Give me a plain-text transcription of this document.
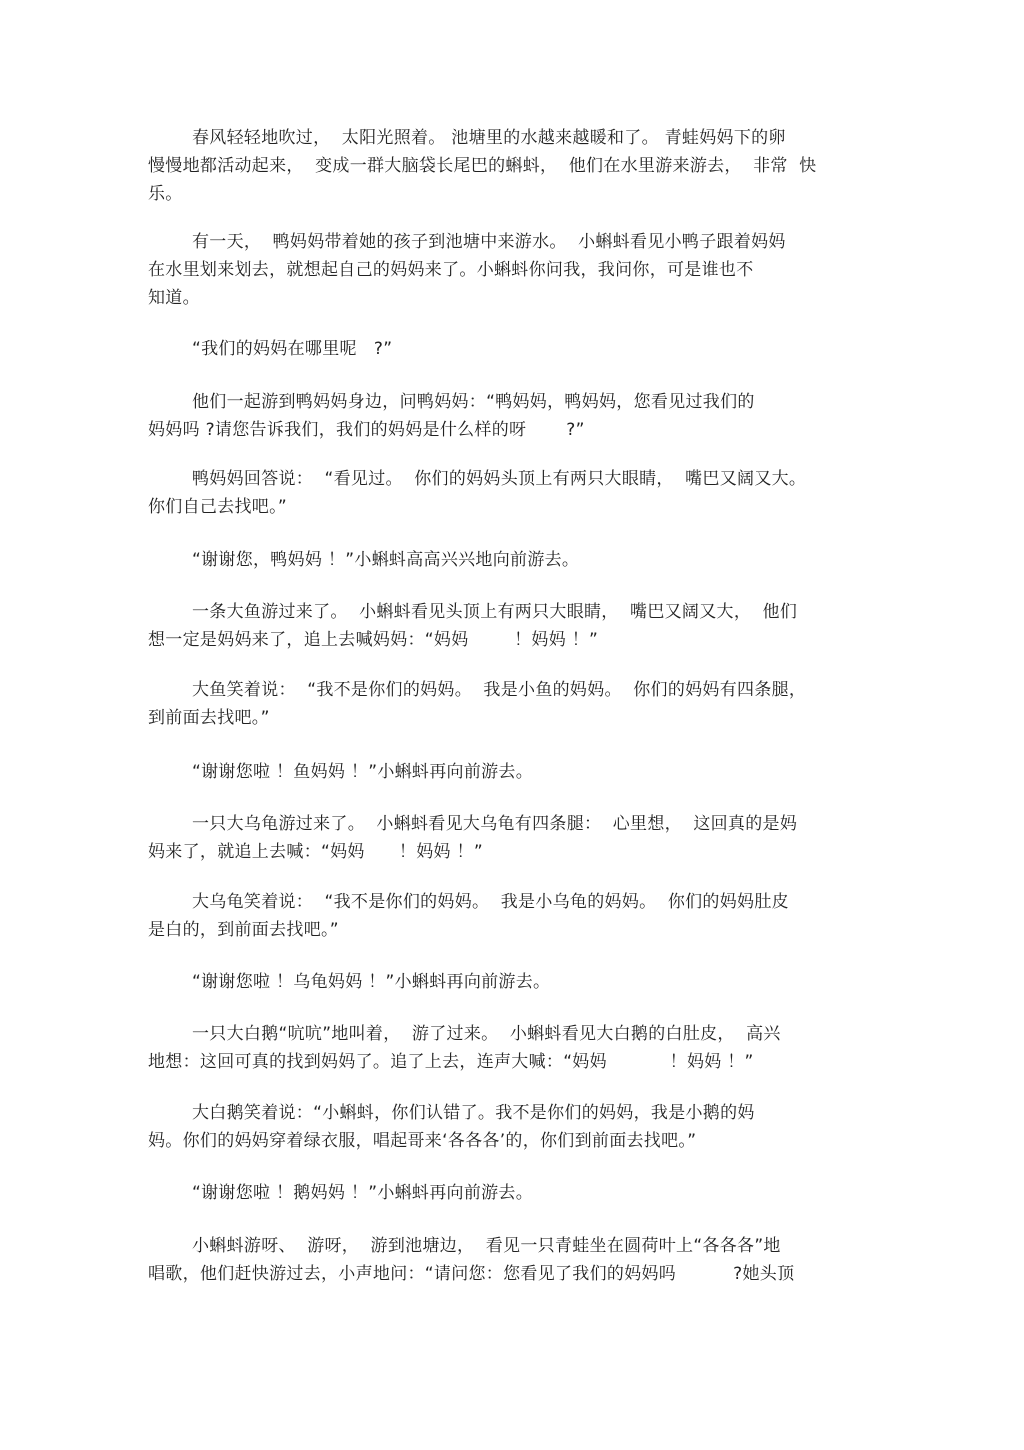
春风轻轻地吹过，  太阳光照着。 池塘里的水越来越暖和了。 青蛙妈妈下的卵
慢慢地都活动起来，  变成一群大脑袋长尾巴的蝌蚪，  他们在水里游来游去，  非常  快
乐。
有一天，  鸭妈妈带着她的孩子到池塘中来游水。  小蝌蚪看见小鸭子跟着妈妈
在水里划来划去，就想起自己的妈妈来了。小蝌蚪你问我，我问你，可是谁也不
知道。
“我们的妈妈在哪里呢   ?”
他们一起游到鸭妈妈身边，问鸭妈妈：“鸭妈妈，鸭妈妈，您看见过我们的
妈妈吗 ?请您告诉我们，我们的妈妈是什么样的呀       ?”
鸭妈妈回答说：  “看见过。  你们的妈妈头顶上有两只大眼睛，  嘴巴又阔又大。
你们自己去找吧。”
“谢谢您，鸭妈妈 ！”小蝌蚪高高兴兴地向前游去。
一条大鱼游过来了。  小蝌蚪看见头顶上有两只大眼睛，  嘴巴又阔又大，  他们
想一定是妈妈来了，追上去喊妈妈：“妈妈        ！妈妈 ！”
大鱼笑着说：  “我不是你们的妈妈。  我是小鱼的妈妈。  你们的妈妈有四条腿，
到前面去找吧。”
“谢谢您啦 ！鱼妈妈 ！”小蝌蚪再向前游去。
一只大乌龟游过来了。  小蝌蚪看见大乌龟有四条腿：  心里想，  这回真的是妈
妈来了，就追上去喊：“妈妈      ！妈妈 ！”
大乌龟笑着说：  “我不是你们的妈妈。  我是小乌龟的妈妈。  你们的妈妈肚皮
是白的，到前面去找吧。”
“谢谢您啦 ！乌龟妈妈 ！”小蝌蚪再向前游去。
一只大白鹅“吭吭”地叫着，  游了过来。  小蝌蚪看见大白鹅的白肚皮，  高兴
地想：这回可真的找到妈妈了。追了上去，连声大喊：“妈妈           ！妈妈 ！”
大白鹅笑着说：“小蝌蚪，你们认错了。我不是你们的妈妈，我是小鹅的妈
妈。你们的妈妈穿着绿衣服，唱起哥来‘各各各’的，你们到前面去找吧。”
“谢谢您啦 ！鹅妈妈 ！”小蝌蚪再向前游去。
小蝌蚪游呀、  游呀，  游到池塘边，  看见一只青蛙坐在圆荷叶上“各各各”地
唱歌，他们赶快游过去，小声地问：“请问您：您看见了我们的妈妈吗          ?她头顶
